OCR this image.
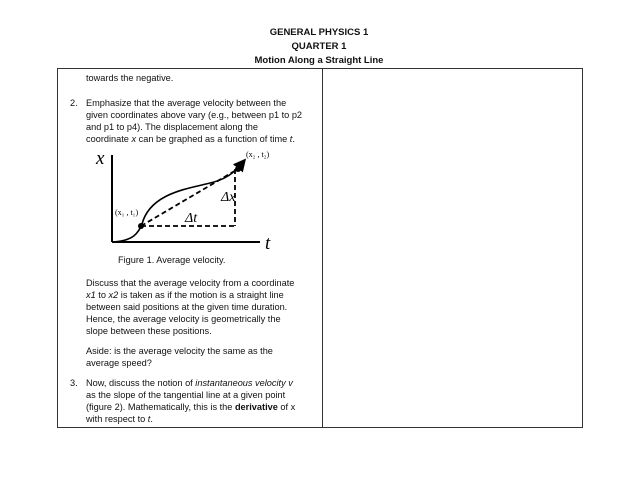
GENERAL PHYSICS 1
QUARTER 1
Motion Along a Straight Line
towards the negative.
2. Emphasize that the average velocity between the
given coordinates above vary (e.g., between p1 to p2
and p1 to p4). The displacement along the
coordinate x can be graphed as a function of time t.
x
t
(x₁ , t₁)
(x₂ , t₂)
Δx
Δt
Figure 1. Average velocity.
Discuss that the average velocity from a coordinate
x1 to x2 is taken as if the motion is a straight line
between said positions at the given time duration.
Hence, the average velocity is geometrically the
slope between these positions.
Aside: is the average velocity the same as the
average speed?
3. Now, discuss the notion of instantaneous velocity v
as the slope of the tangential line at a given point
(figure 2). Mathematically, this is the derivative of x
with respect to t.
